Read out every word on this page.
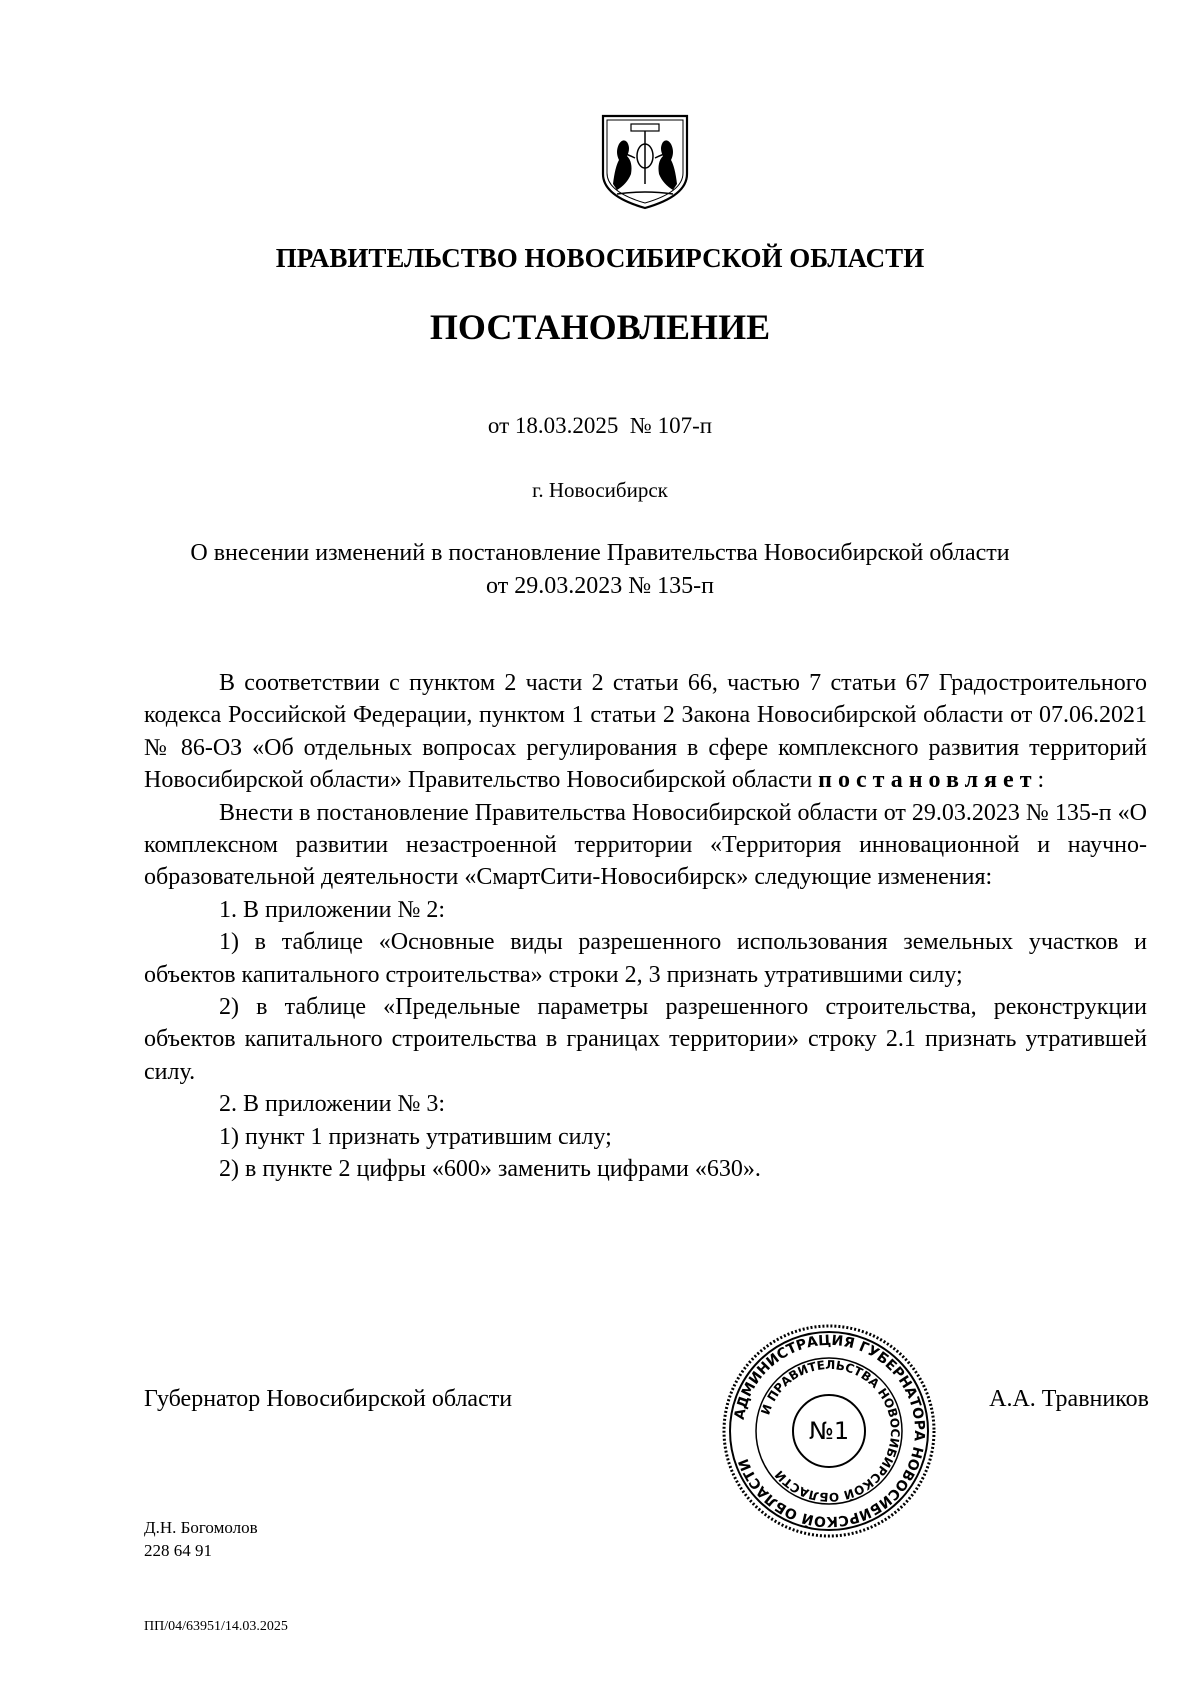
ПРАВИТЕЛЬСТВО НОВОСИБИРСКОЙ ОБЛАСТИ
ПОСТАНОВЛЕНИЕ
от 18.03.2025  № 107-п
г. Новосибирск
О внесении изменений в постановление Правительства Новосибирской области
от 29.03.2023 № 135-п

В соответствии с пунктом 2 части 2 статьи 66, частью 7 статьи 67 Градостроительного кодекса Российской Федерации, пунктом 1 статьи 2 Закона Новосибирской области от 07.06.2021 № 86-ОЗ «Об отдельных вопросах регулирования в сфере комплексного развития территорий Новосибирской области» Правительство Новосибирской области постановляет:

Внести в постановление Правительства Новосибирской области от 29.03.2023 № 135-п «О комплексном развитии незастроенной территории «Территория инновационной и научно-образовательной деятельности «СмартСити-Новосибирск» следующие изменения:

1. В приложении № 2:

1) в таблице «Основные виды разрешенного использования земельных участков и объектов капитального строительства» строки 2, 3 признать утратившими силу;

2) в таблице «Предельные параметры разрешенного строительства, реконструкции объектов капитального строительства в границах территории» строку 2.1 признать утратившей силу.

2. В приложении № 3:

1) пункт 1 признать утратившим силу;

2) в пункте 2 цифры «600» заменить цифрами «630».

Губернатор Новосибирской области
АДМИНИСТРАЦИЯ ГУБЕРНАТОРА НОВОСИБИРСКОЙ ОБЛАСТИ
И ПРАВИТЕЛЬСТВА НОВОСИБИРСКОЙ ОБЛАСТИ
№1
А.А. Травников
Д.Н. Богомолов
228 64 91
ПП/04/63951/14.03.2025
